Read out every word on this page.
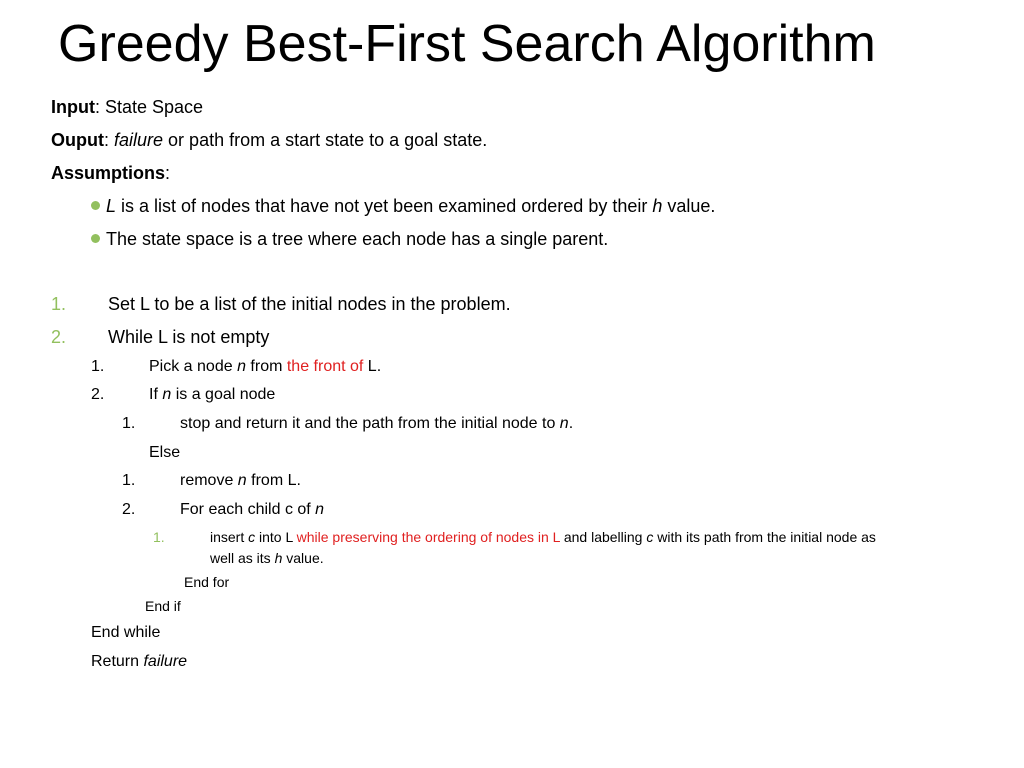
Greedy Best-First Search Algorithm
Input: State Space
Ouput: failure or path from a start state to a goal state.
Assumptions:
L is a list of nodes that have not yet been examined ordered by their h value.
The state space is a tree where each node has a single parent.
1. Set L to be a list of the initial nodes in the problem.
2. While L is not empty
1.	Pick a node n from the front of L.
2.	If n is a goal node
1.	stop and return it and the path from the initial node to n.
Else
1.	remove n from L.
2.	For each child c of n
1.	insert c into L while preserving the ordering of nodes in L and labelling c with its path from the initial node as
well as its h value.
End for
End if
End while
Return failure
